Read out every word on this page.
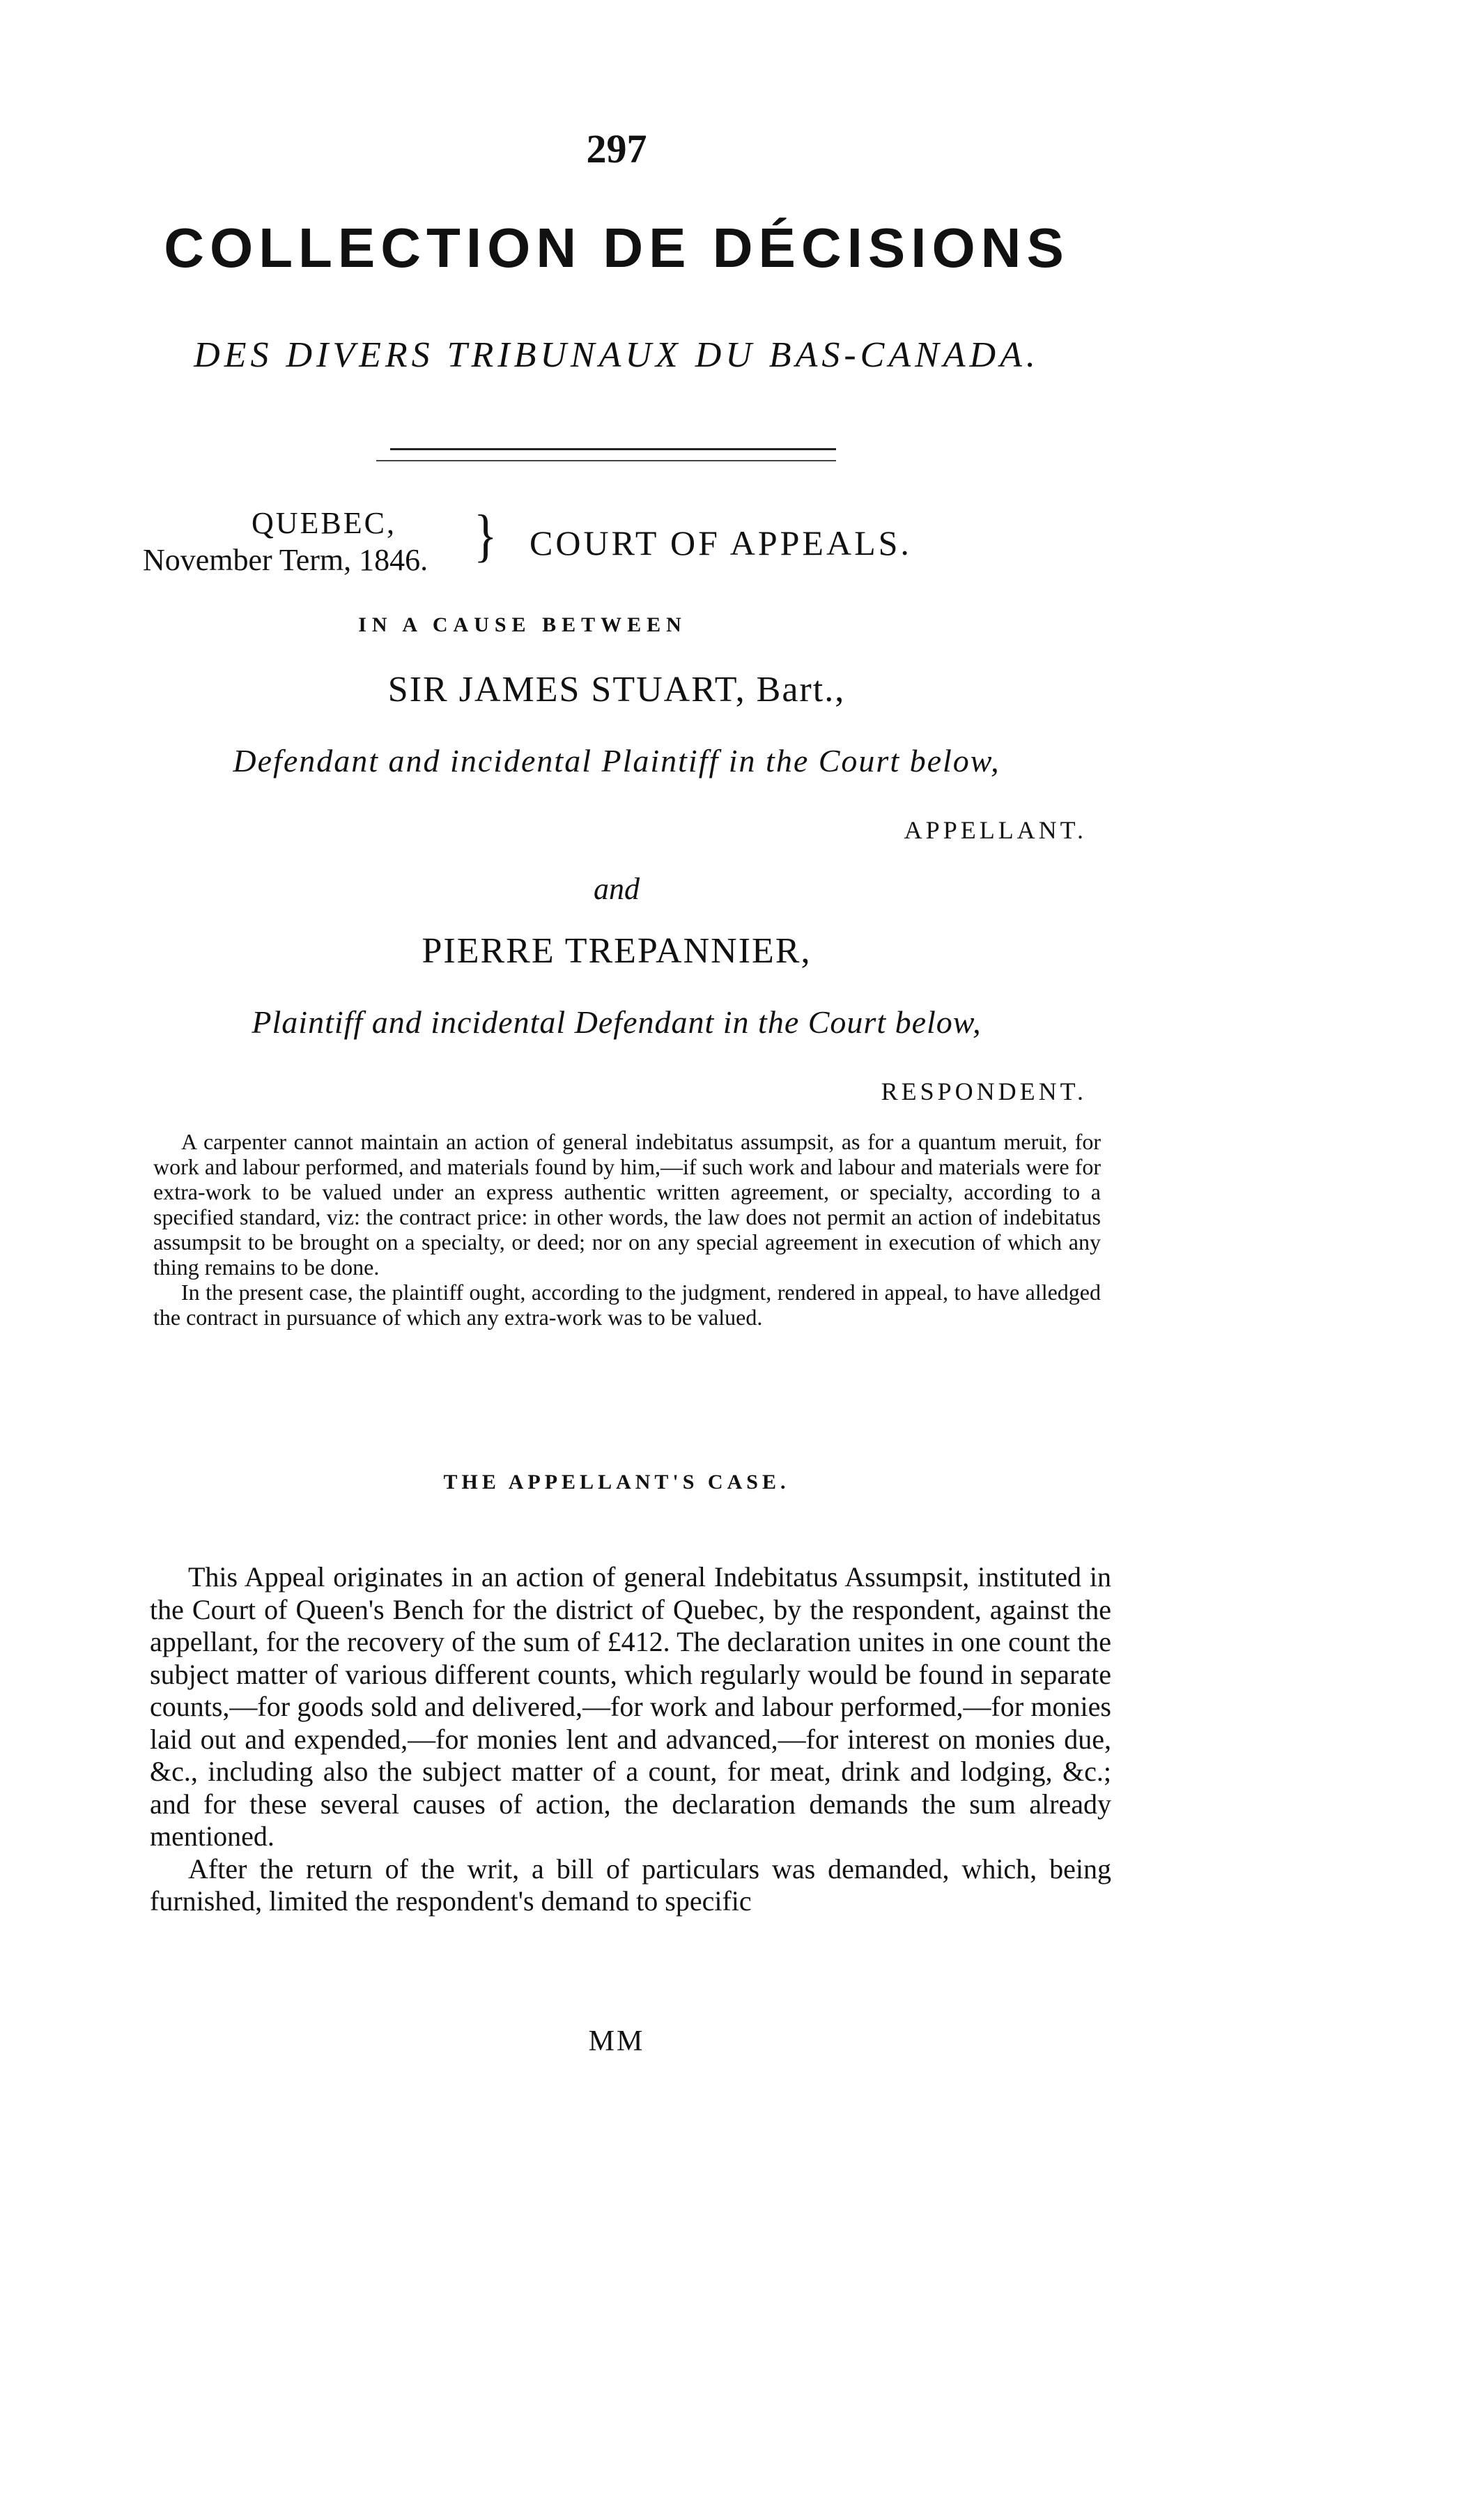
297
COLLECTION DE DÉCISIONS
DES DIVERS TRIBUNAUX DU BAS-CANADA.
QUEBEC,
November Term, 1846. } COURT OF APPEALS.
IN A CAUSE BETWEEN
SIR JAMES STUART, Bart.,
Defendant and incidental Plaintiff in the Court below,
APPELLANT.
and
PIERRE TREPANNIER,
Plaintiff and incidental Defendant in the Court below,
RESPONDENT.

A carpenter cannot maintain an action of general indebitatus assumpsit, as for a quantum meruit, for work and labour performed, and materials found by him,—if such work and labour and materials were for extra-work to be valued under an express authentic written agreement, or specialty, according to a specified standard, viz: the contract price: in other words, the law does not permit an action of indebitatus assumpsit to be brought on a specialty, or deed; nor on any special agreement in execution of which any thing remains to be done.

In the present case, the plaintiff ought, according to the judgment, rendered in appeal, to have alledged the contract in pursuance of which any extra-work was to be valued.

THE APPELLANT'S CASE.

This Appeal originates in an action of general Indebitatus Assumpsit, instituted in the Court of Queen's Bench for the district of Quebec, by the respondent, against the appellant, for the recovery of the sum of £412. The declaration unites in one count the subject matter of various different counts, which regularly would be found in separate counts,—for goods sold and delivered,—for work and labour performed,—for monies laid out and expended,—for monies lent and advanced,—for interest on monies due, &c., including also the subject matter of a count, for meat, drink and lodging, &c.; and for these several causes of action, the declaration demands the sum already mentioned.

After the return of the writ, a bill of particulars was demanded, which, being furnished, limited the respondent's demand to specific

MM
